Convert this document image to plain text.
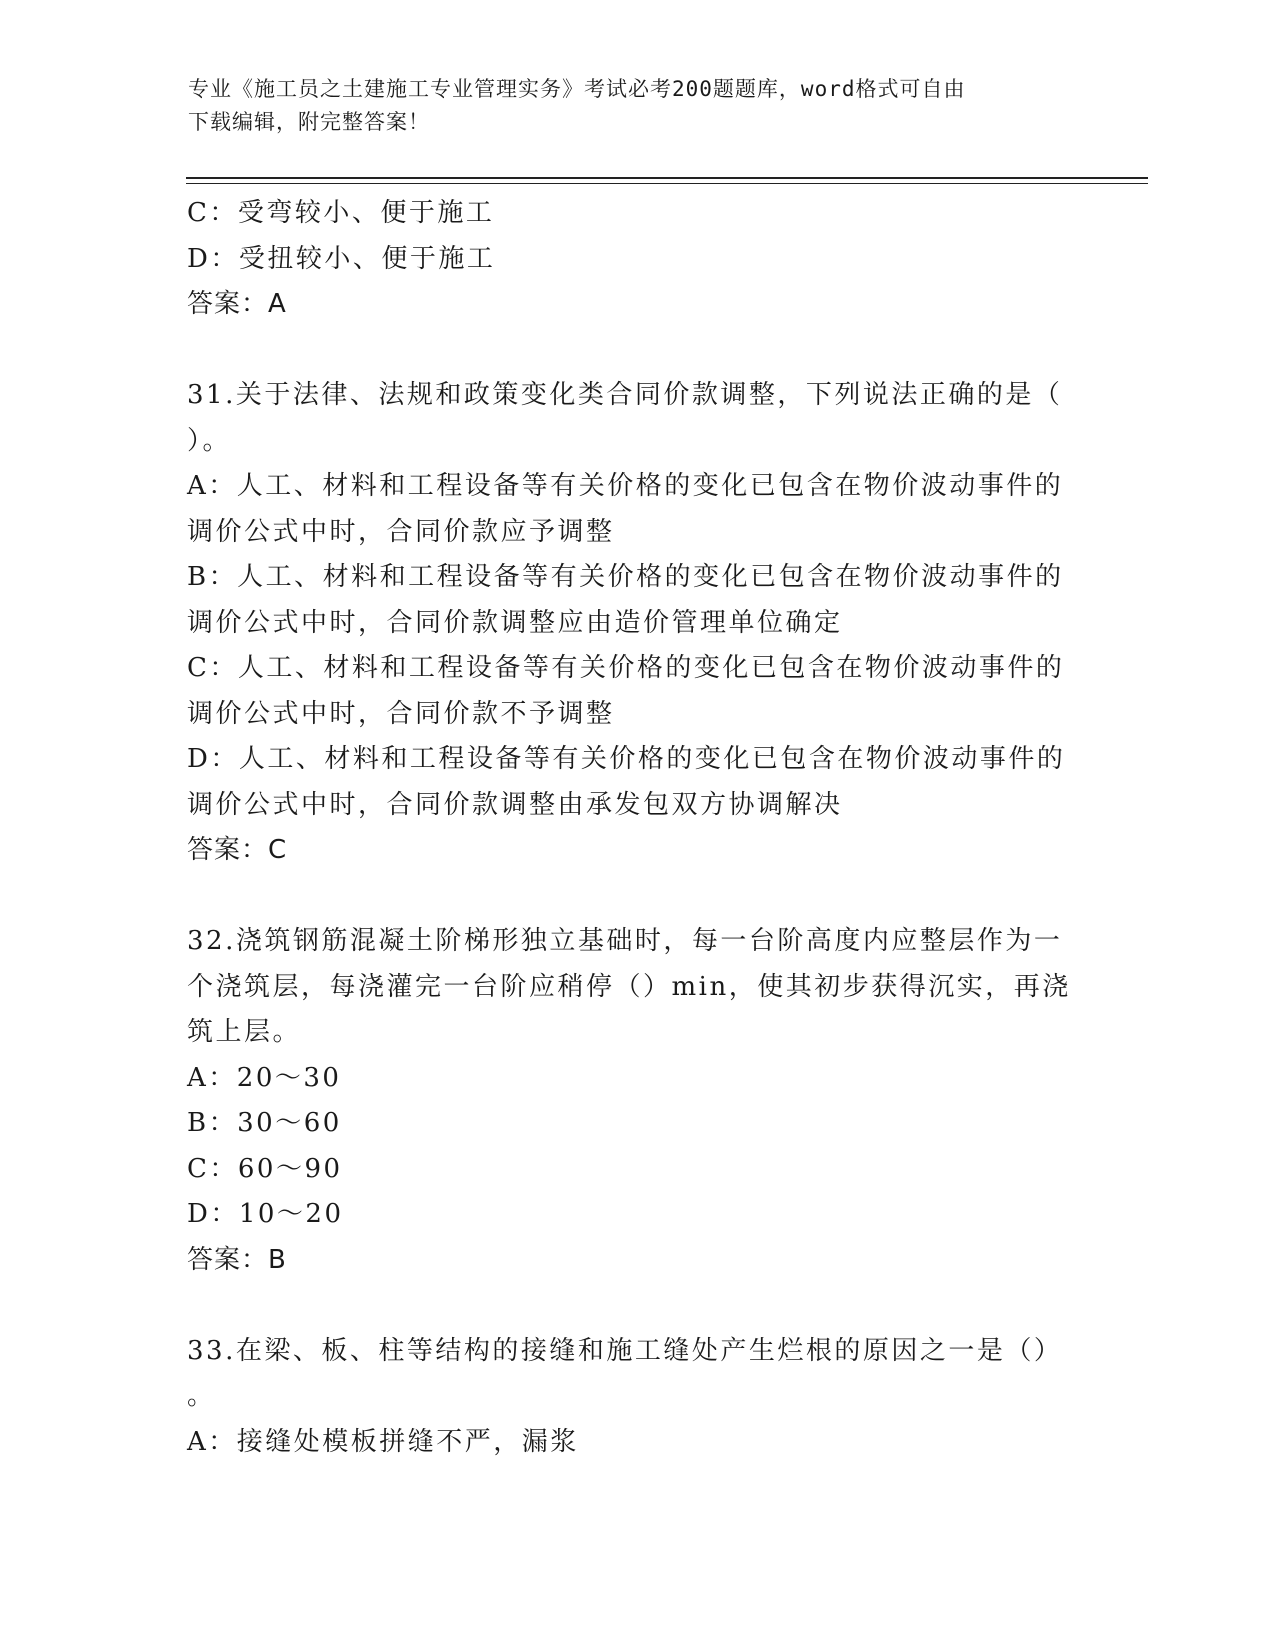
专业《施工员之土建施工专业管理实务》考试必考200题题库，word格式可自由
下载编辑，附完整答案！
C：受弯较小、便于施工
D：受扭较小、便于施工
答案：A
31.关于法律、法规和政策变化类合同价款调整，下列说法正确的是（
）。
A：人工、材料和工程设备等有关价格的变化已包含在物价波动事件的
调价公式中时，合同价款应予调整
B：人工、材料和工程设备等有关价格的变化已包含在物价波动事件的
调价公式中时，合同价款调整应由造价管理单位确定
C：人工、材料和工程设备等有关价格的变化已包含在物价波动事件的
调价公式中时，合同价款不予调整
D：人工、材料和工程设备等有关价格的变化已包含在物价波动事件的
调价公式中时，合同价款调整由承发包双方协调解决
答案：C
32.浇筑钢筋混凝土阶梯形独立基础时，每一台阶高度内应整层作为一
个浇筑层，每浇灌完一台阶应稍停（）min，使其初步获得沉实，再浇
筑上层。
A：20～30
B：30～60
C：60～90
D：10～20
答案：B
33.在梁、板、柱等结构的接缝和施工缝处产生烂根的原因之一是（）
。
A：接缝处模板拼缝不严，漏浆
